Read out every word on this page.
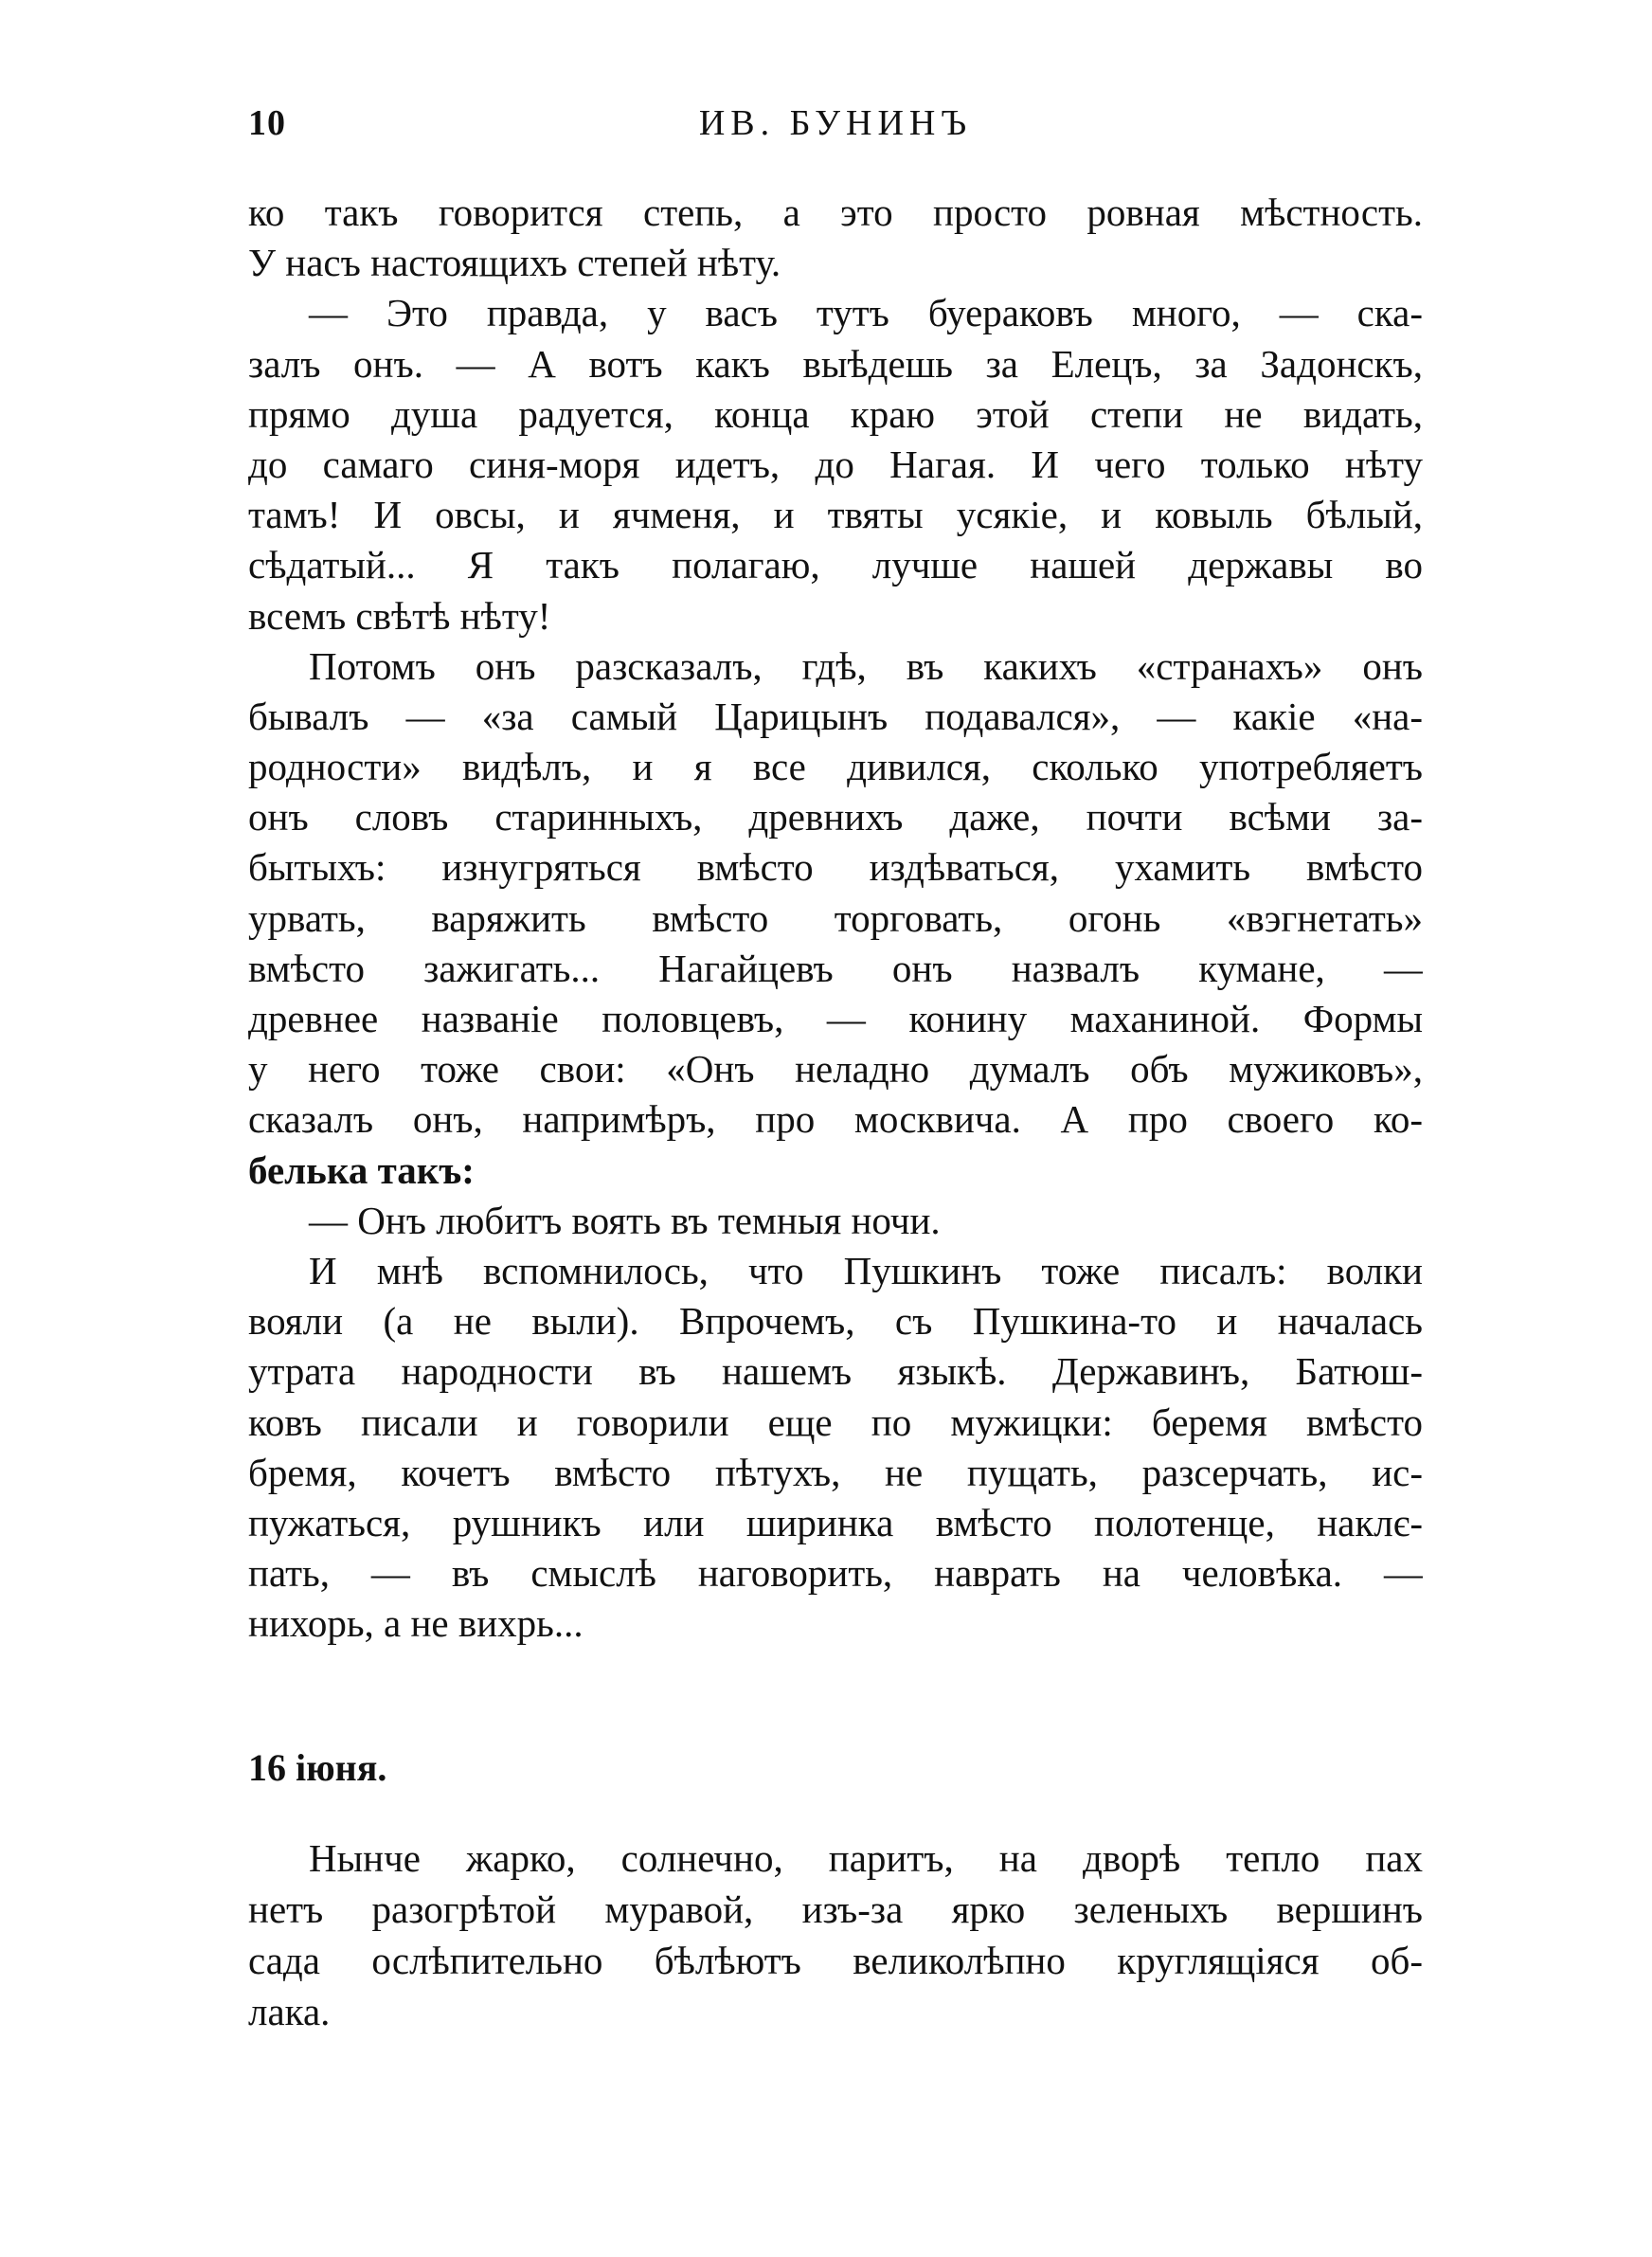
10	ИВ. БУНИНЪ
ко такъ говорится степь, а это просто ровная мѣстность.
У насъ настоящихъ степей нѣту.
— Это правда, у васъ тутъ буераковъ много, — ска-
залъ онъ. — А вотъ какъ выѣдешь за Елецъ, за Задонскъ,
прямо душа радуется, конца краю этой степи не видать,
до самаго синя-моря идетъ, до Нагая. И чего только нѣту
тамъ! И овсы, и ячменя, и твяты усякіе, и ковыль бѣлый,
сѣдатый... Я такъ полагаю, лучше нашей державы во
всемъ свѣтѣ нѣту!
Потомъ онъ разсказалъ, гдѣ, въ какихъ «странахъ» онъ
бывалъ — «за самый Царицынъ подавался», — какіе «на-
родности» видѣлъ, и я все дивился, сколько употребляетъ
онъ словъ старинныхъ, древнихъ даже, почти всѣми за-
бытыхъ: изнугряться вмѣсто издѣваться, ухамить вмѣсто
урвать, варяжить вмѣсто торговать, огонь «вэгнетать»
вмѣсто зажигать... Нагайцевъ онъ назвалъ кумане, —
древнее названіе половцевъ, — конину маханиной. Формы
у него тоже свои: «Онъ неладно думалъ объ мужиковъ»,
сказалъ онъ, напримѣръ, про москвича. А про своего ко-
белька такъ:
— Онъ любитъ воять въ темныя ночи.
И мнѣ вспомнилось, что Пушкинъ тоже писалъ: волки
вояли (а не выли). Впрочемъ, съ Пушкина-то и началась
утрата народности въ нашемъ языкѣ. Державинъ, Батюш-
ковъ писали и говорили еще по мужицки: беремя вмѣсто
бремя, кочетъ вмѣсто пѣтухъ, не пущать, разсерчать, ис-
пужаться, рушникъ или ширинка вмѣсто полотенце, наклє-
пать, — въ смыслѣ наговорить, наврать на человѣка. —
нихорь, а не вихрь...
16 іюня.
Нынче жарко, солнечно, паритъ, на дворѣ тепло пах
нетъ разогрѣтой муравой, изъ-за ярко зеленыхъ вершинъ
сада ослѣпительно бѣлѣютъ великолѣпно круглящіяся об-
лака.
